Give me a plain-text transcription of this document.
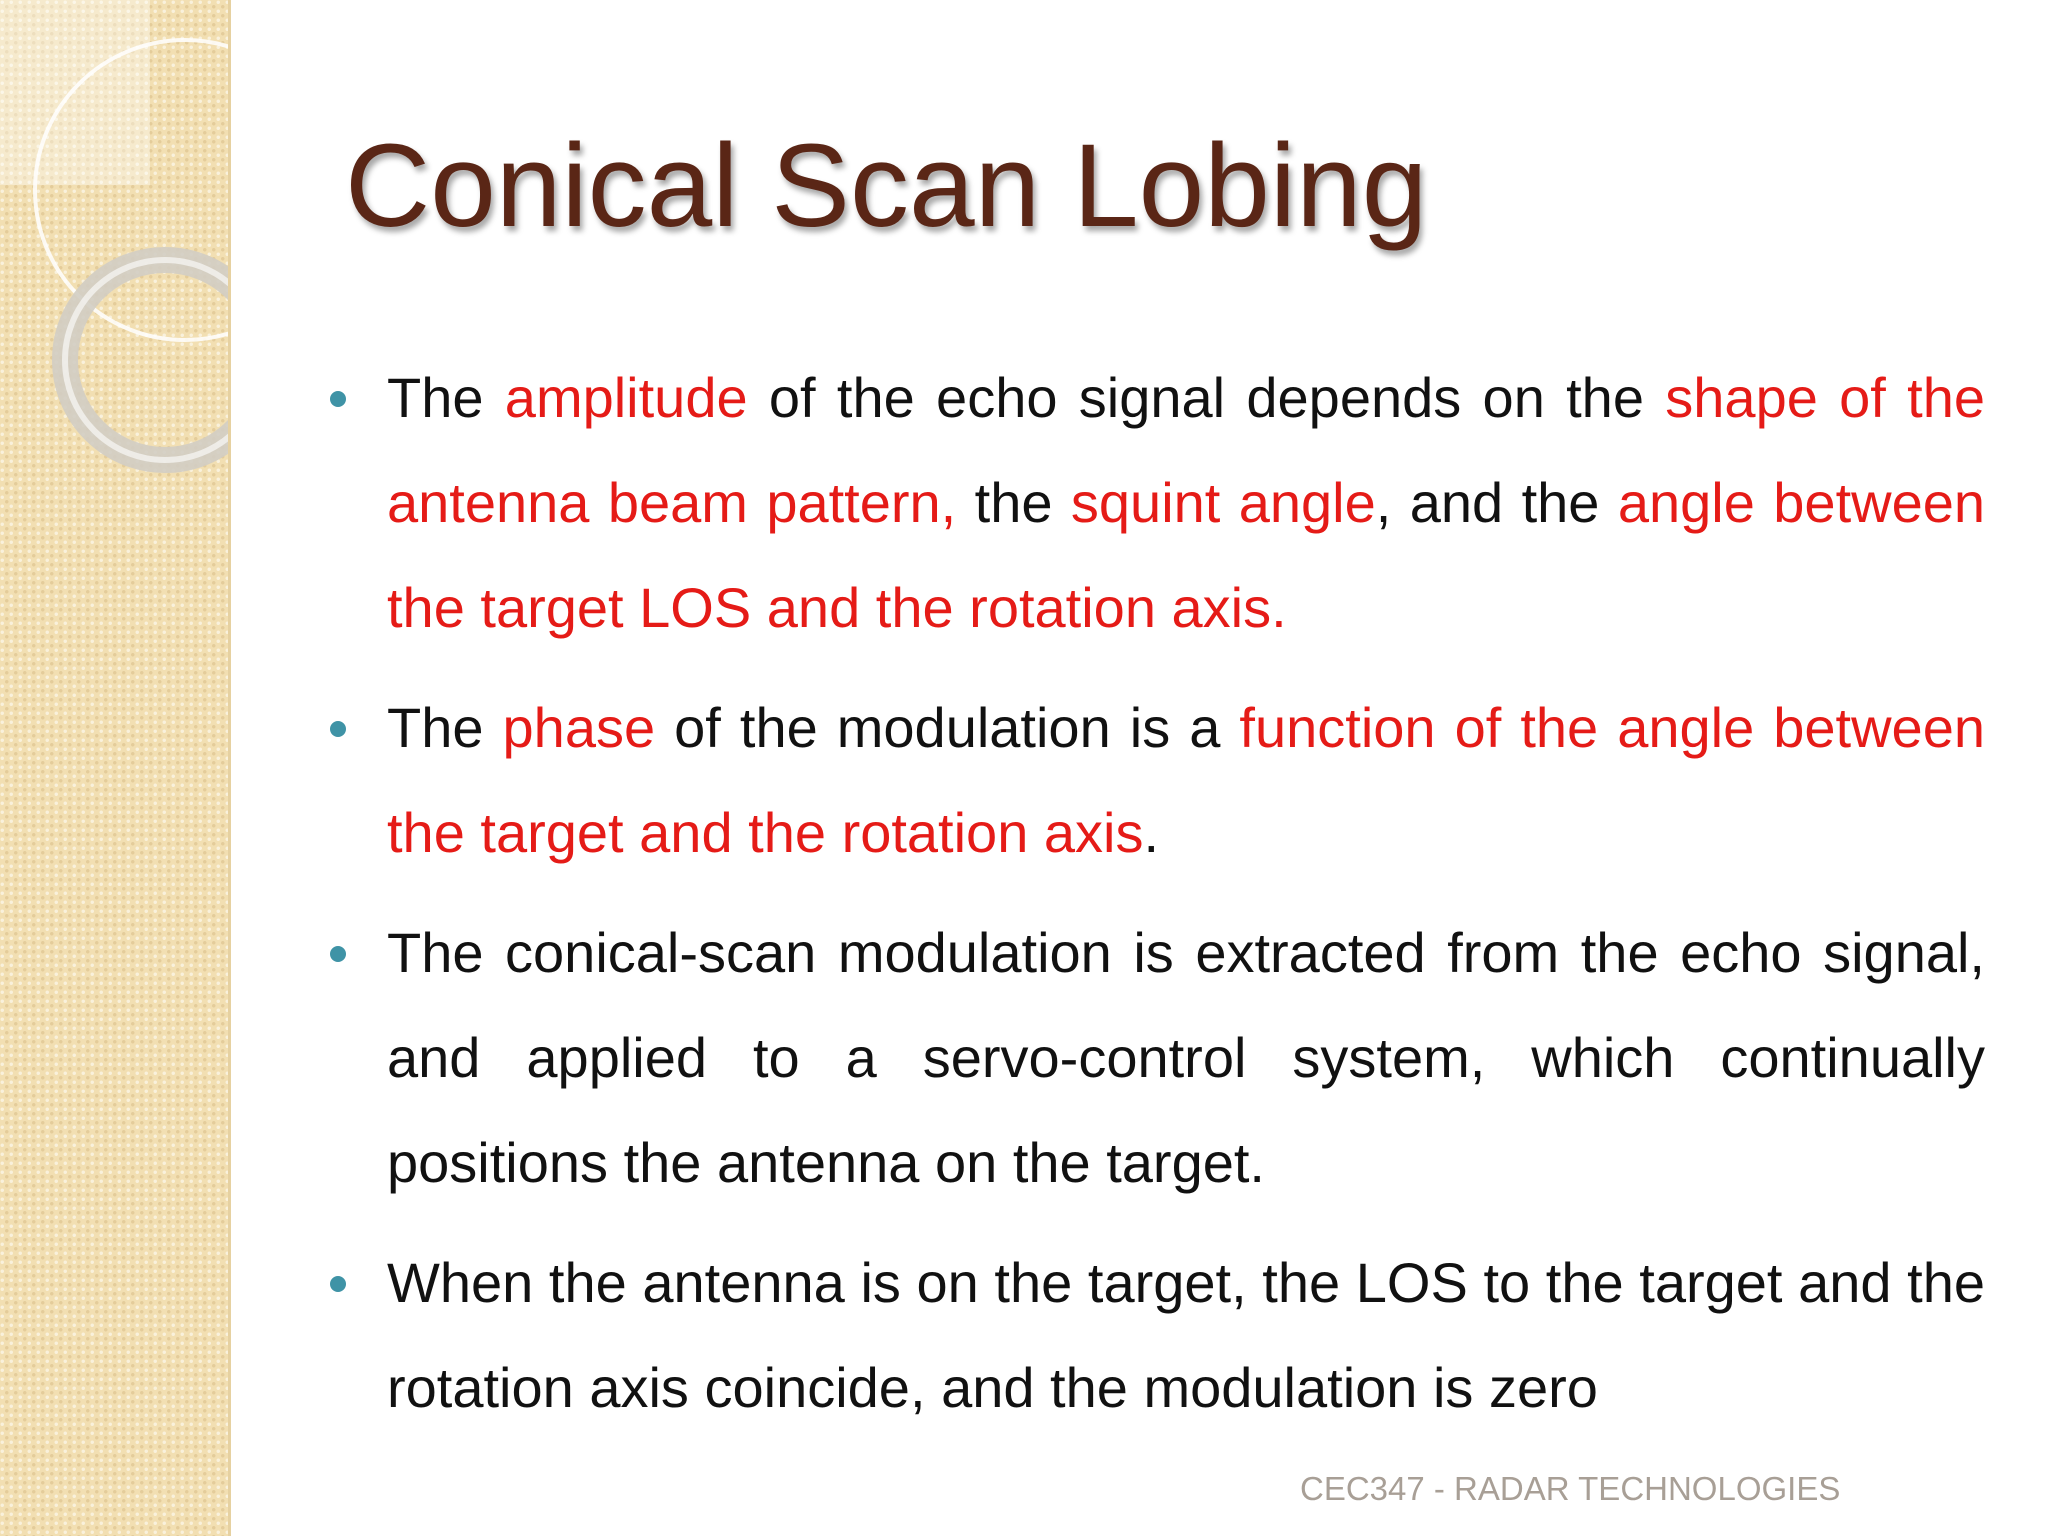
Conical Scan Lobing
The amplitude of the echo signal depends on the shape of the antenna beam pattern, the squint angle, and the angle between the target LOS and the rotation axis.
The phase of the modulation is a function of the angle between the target and the rotation axis.
The conical-scan modulation is extracted from the echo signal, and applied to a servo-control system, which continually positions the antenna on the target.
When the antenna is on the target, the LOS to the target and the rotation axis coincide, and the modulation is zero
CEC347 - RADAR TECHNOLOGIES
